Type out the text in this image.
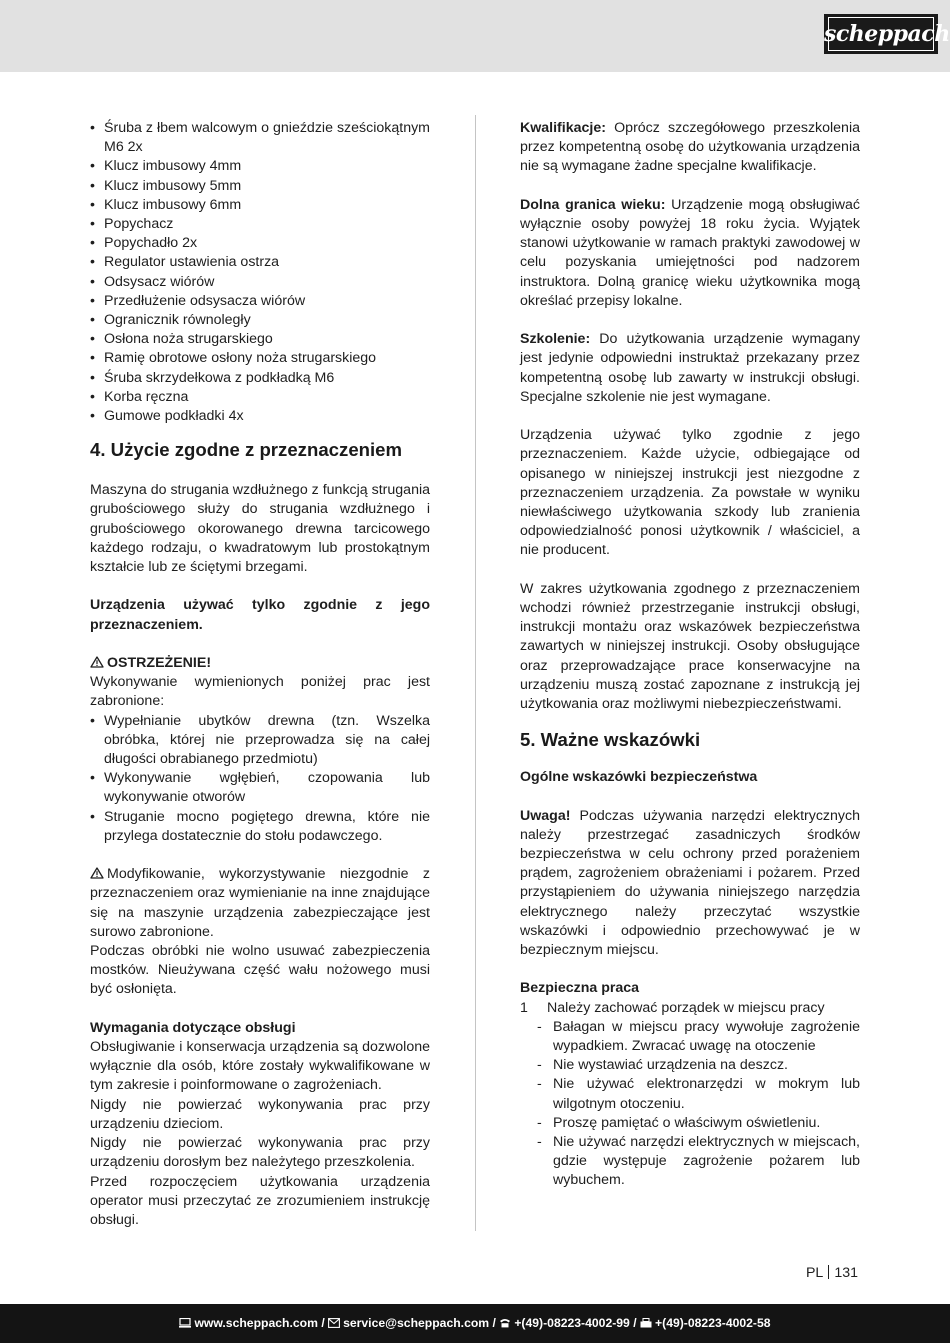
scheppach
• Śruba z łbem walcowym o gnieździe sześciokątnym M6 2x
• Klucz imbusowy 4mm
• Klucz imbusowy 5mm
• Klucz imbusowy 6mm
• Popychacz
• Popychadło 2x
• Regulator ustawienia ostrza
• Odsysacz wiórów
• Przedłużenie odsysacza wiórów
• Ogranicznik równoległy
• Osłona noża strugarskiego
• Ramię obrotowe osłony noża strugarskiego
• Śruba skrzydełkowa z podkładką M6
• Korba ręczna
• Gumowe podkładki 4x
4. Użycie zgodne z przeznaczeniem

Maszyna do strugania wzdłużnego z funkcją strugania grubościowego służy do strugania wzdłużnego i grubościowego okorowanego drewna tarcicowego każdego rodzaju, o kwadratowym lub prostokątnym kształcie lub ze ściętymi brzegami.

Urządzenia używać tylko zgodnie z jego przeznaczeniem.

OSTRZEŻENIE!

Wykonywanie wymienionych poniżej prac jest zabronione:

• Wypełnianie ubytków drewna (tzn. Wszelka obróbka, której nie przeprowadza się na całej długości obrabianego przedmiotu)
• Wykonywanie wgłębień, czopowania lub wykonywanie otworów
• Struganie mocno pogiętego drewna, które nie przylega dostatecznie do stołu podawczego.

Modyfikowanie, wykorzystywanie niezgodnie z przeznaczeniem oraz wymienianie na inne znajdujące się na maszynie urządzenia zabezpieczające jest surowo zabronione.

Podczas obróbki nie wolno usuwać zabezpieczenia mostków. Nieużywana część wału nożowego musi być osłonięta.

Wymagania dotyczące obsługi

Obsługiwanie i konserwacja urządzenia są dozwolone wyłącznie dla osób, które zostały wykwalifikowane w tym zakresie i poinformowane o zagrożeniach.

Nigdy nie powierzać wykonywania prac przy urządzeniu dzieciom.

Nigdy nie powierzać wykonywania prac przy urządzeniu dorosłym bez należytego przeszkolenia.

Przed rozpoczęciem użytkowania urządzenia operator musi przeczytać ze zrozumieniem instrukcję obsługi.

Kwalifikacje: Oprócz szczegółowego przeszkolenia przez kompetentną osobę do użytkowania urządzenia nie są wymagane żadne specjalne kwalifikacje.

Dolna granica wieku: Urządzenie mogą obsługiwać wyłącznie osoby powyżej 18 roku życia. Wyjątek stanowi użytkowanie w ramach praktyki zawodowej w celu pozyskania umiejętności pod nadzorem instruktora. Dolną granicę wieku użytkownika mogą określać przepisy lokalne.

Szkolenie: Do użytkowania urządzenie wymagany jest jedynie odpowiedni instruktaż przekazany przez kompetentną osobę lub zawarty w instrukcji obsługi. Specjalne szkolenie nie jest wymagane.

Urządzenia używać tylko zgodnie z jego przeznaczeniem. Każde użycie, odbiegające od opisanego w niniejszej instrukcji jest niezgodne z przeznaczeniem urządzenia. Za powstałe w wyniku niewłaściwego użytkowania szkody lub zranienia odpowiedzialność ponosi użytkownik / właściciel, a nie producent.

W zakres użytkowania zgodnego z przeznaczeniem wchodzi również przestrzeganie instrukcji obsługi, instrukcji montażu oraz wskazówek bezpieczeństwa zawartych w niniejszej instrukcji. Osoby obsługujące oraz przeprowadzające prace konserwacyjne na urządzeniu muszą zostać zapoznane z instrukcją jej użytkowania oraz możliwymi niebezpieczeństwami.

5. Ważne wskazówki

Ogólne wskazówki bezpieczeństwa

Uwaga! Podczas używania narzędzi elektrycznych należy przestrzegać zasadniczych środków bezpieczeństwa w celu ochrony przed porażeniem prądem, zagrożeniem obrażeniami i pożarem. Przed przystąpieniem do używania niniejszego narzędzia elektrycznego należy przeczytać wszystkie wskazówki i odpowiednio przechowywać je w bezpiecznym miejscu.

Bezpieczna praca

1 Należy zachować porządek w miejscu pracy
- Bałagan w miejscu pracy wywołuje zagrożenie wypadkiem. Zwracać uwagę na otoczenie
- Nie wystawiać urządzenia na deszcz.
- Nie używać elektronarzędzi w mokrym lub wilgotnym otoczeniu.
- Proszę pamiętać o właściwym oświetleniu.
- Nie używać narzędzi elektrycznych w miejscach, gdzie występuje zagrożenie pożarem lub wybuchem.
PL 131
www.scheppach.com / service@scheppach.com / +(49)-08223-4002-99 / +(49)-08223-4002-58
